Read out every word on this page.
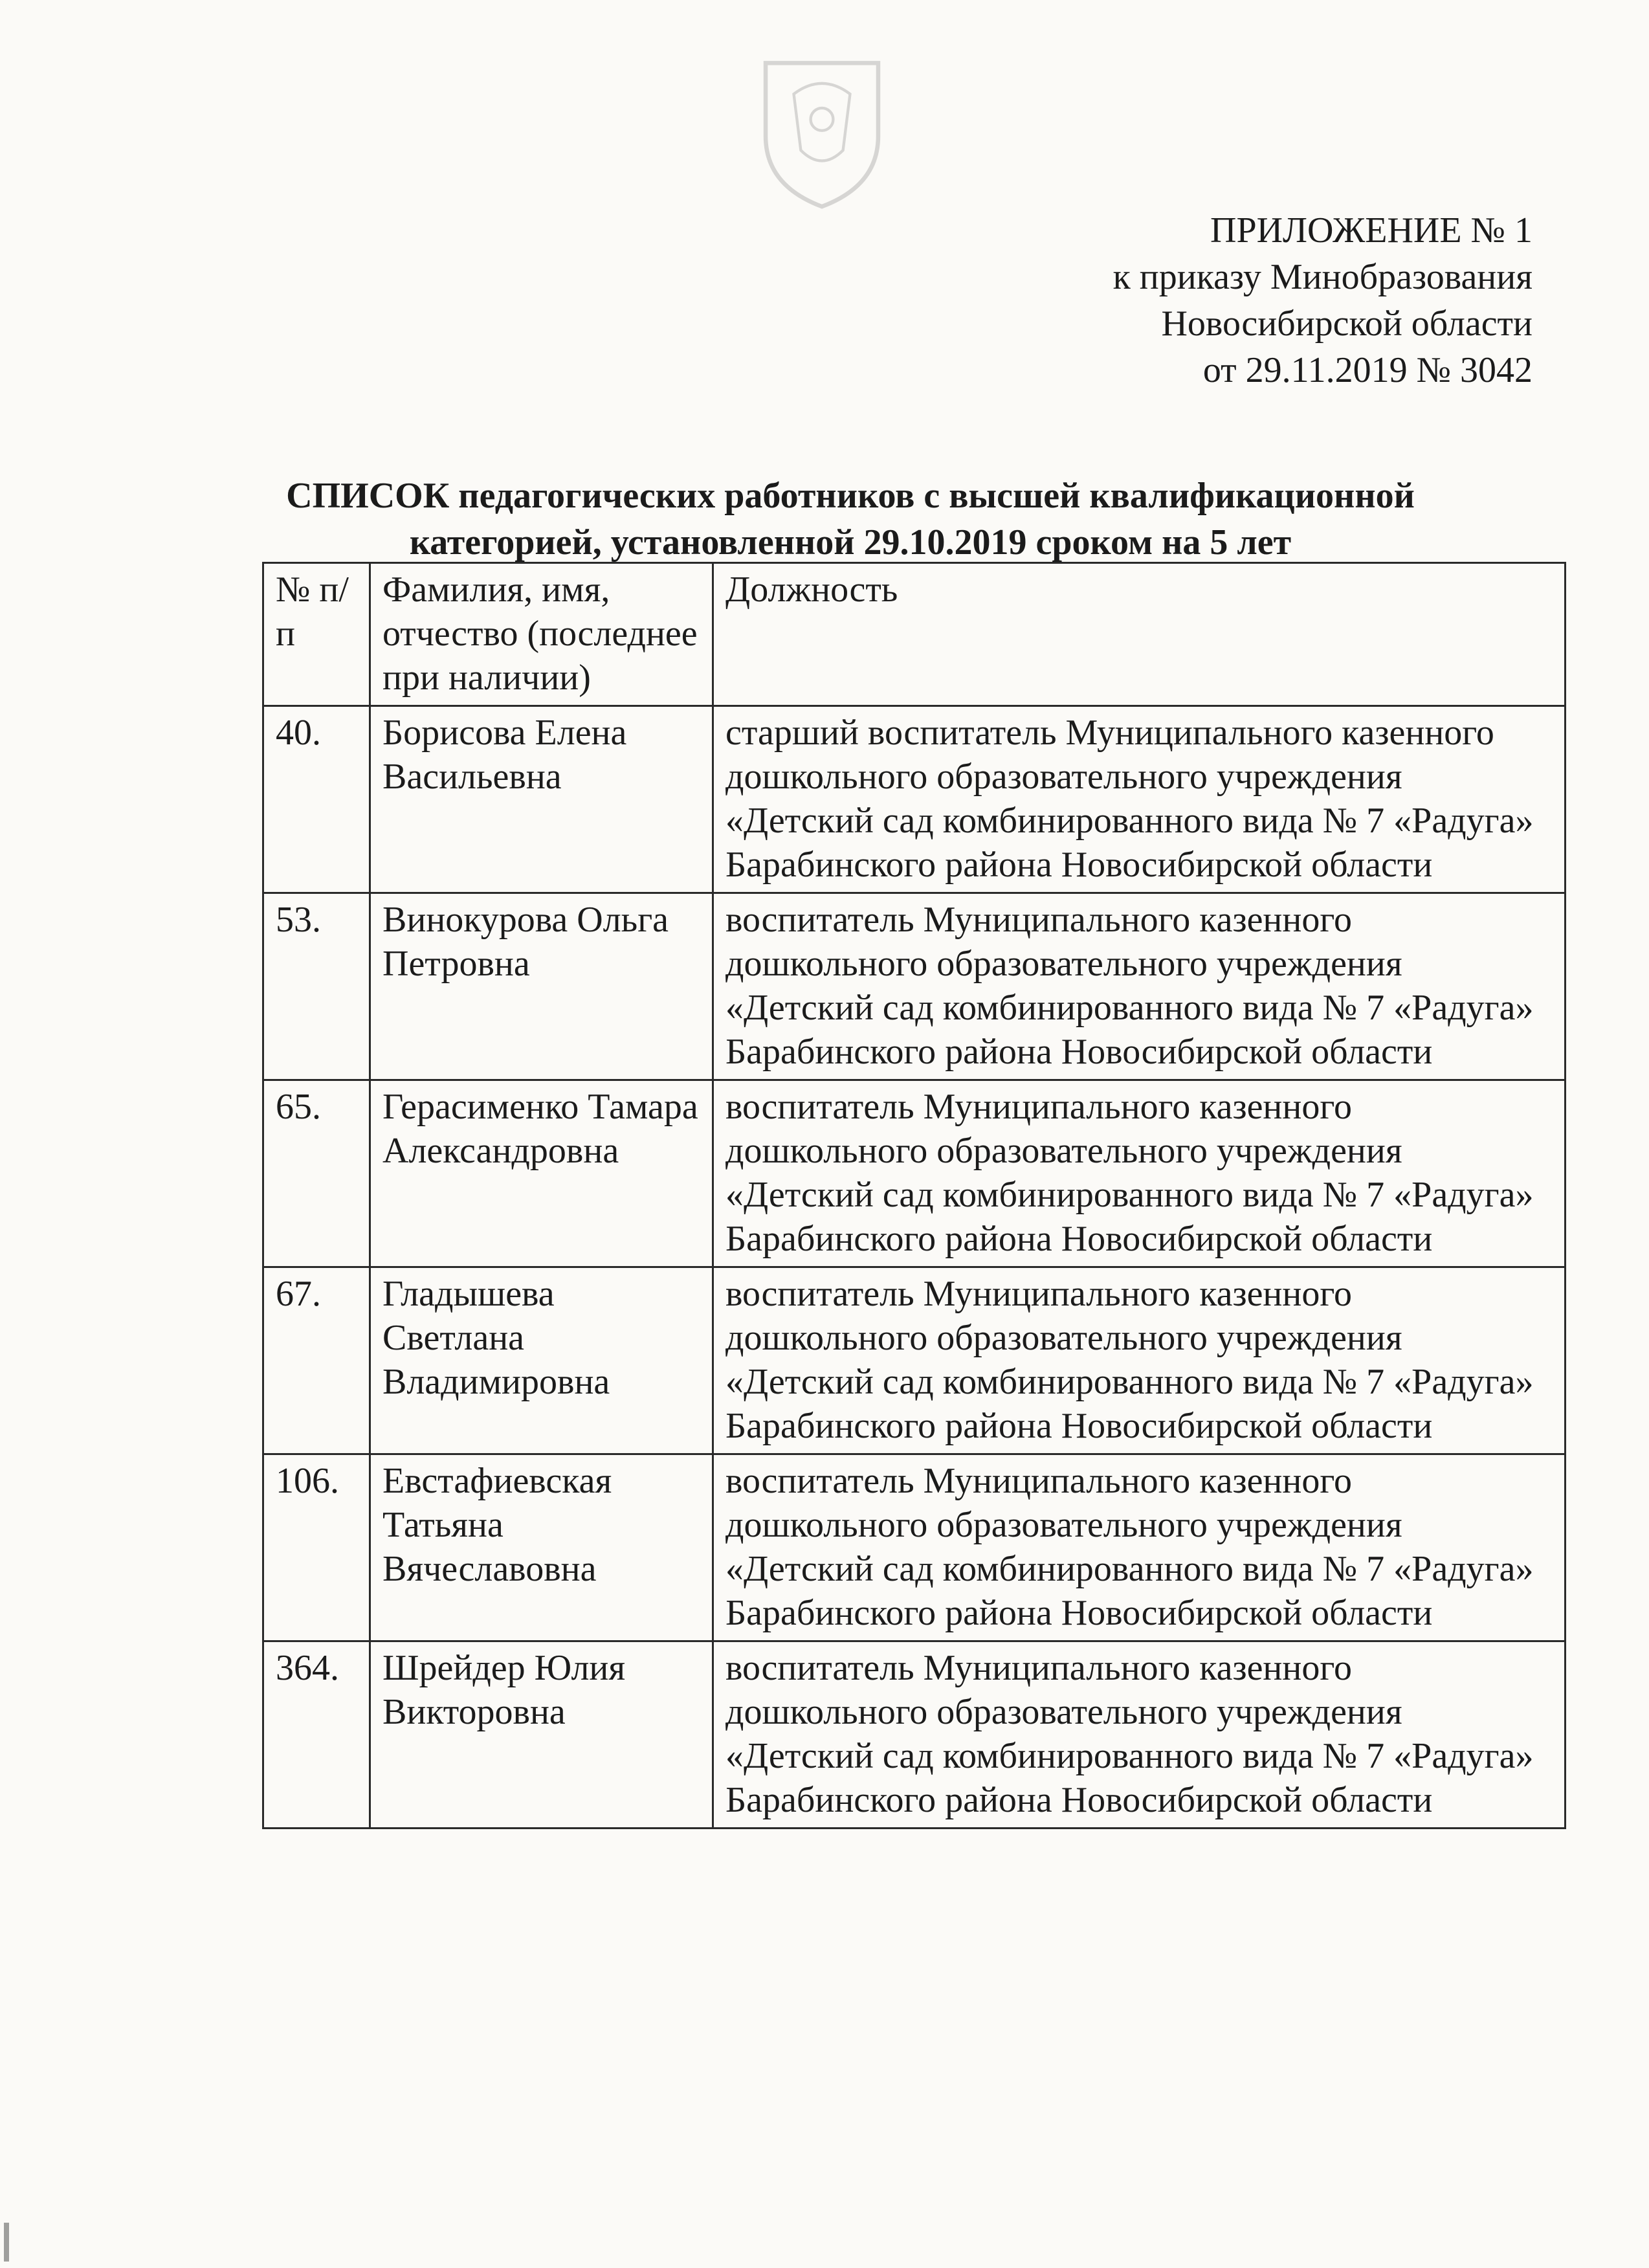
ПРИЛОЖЕНИЕ № 1
к приказу Минобразования
Новосибирской области
от 29.11.2019 № 3042
СПИСОК педагогических работников с высшей квалификационной
категорией, установленной 29.10.2019 сроком на 5 лет
№ п/п	Фамилия, имя, отчество (последнее при наличии)	Должность
40.	Борисова Елена Васильевна	старший воспитатель Муниципального казенного дошкольного образовательного учреждения «Детский сад комбинированного вида № 7 «Радуга» Барабинского района Новосибирской области
53.	Винокурова Ольга Петровна	воспитатель Муниципального казенного дошкольного образовательного учреждения «Детский сад комбинированного вида № 7 «Радуга» Барабинского района Новосибирской области
65.	Герасименко Тамара Александровна	воспитатель Муниципального казенного дошкольного образовательного учреждения «Детский сад комбинированного вида № 7 «Радуга» Барабинского района Новосибирской области
67.	Гладышева Светлана Владимировна	воспитатель Муниципального казенного дошкольного образовательного учреждения «Детский сад комбинированного вида № 7 «Радуга» Барабинского района Новосибирской области
106.	Евстафиевская Татьяна Вячеславовна	воспитатель Муниципального казенного дошкольного образовательного учреждения «Детский сад комбинированного вида № 7 «Радуга» Барабинского района Новосибирской области
364.	Шрейдер Юлия Викторовна	воспитатель Муниципального казенного дошкольного образовательного учреждения «Детский сад комбинированного вида № 7 «Радуга» Барабинского района Новосибирской области
